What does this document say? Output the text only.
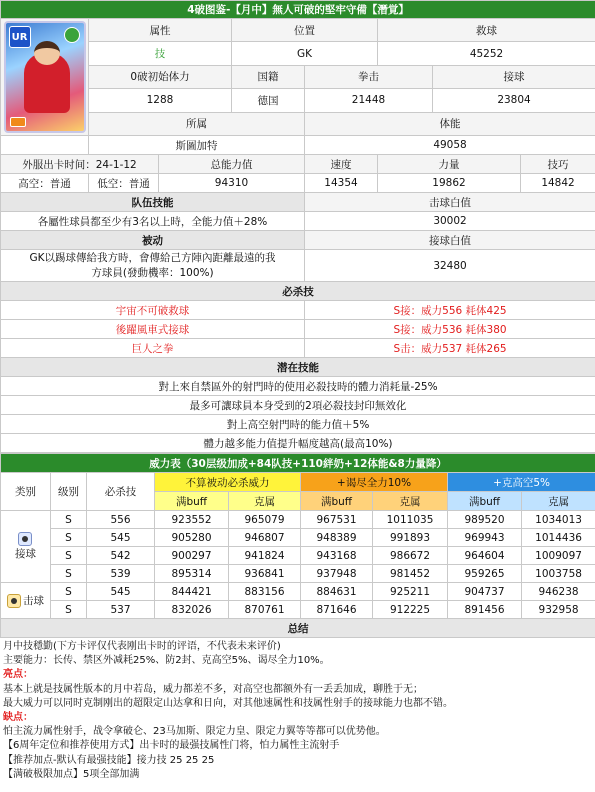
4破图鉴-【月中】無人可破的堅牢守備【潛覚】							

UR	属性		位置		救球		
	技		GK		45252		
	0破初始体力		国籍	拳击		接球	
	1288		德国	21448		23804	
	所属			体能			
	斯圖加特			49058			
外服出卡时间：24-1-12		总能力值		速度	力量		技巧
高空：普通	低空：普通	94310		14354	19862		14842
队伍技能				击球白值			
各屬性球員都至少有3名以上時，全能力值＋28%				30002			
被动				接球白值			

GK以踢球傳給我方時，會傳給己方陣內距離最遠的我
方球員(發動機率：100%)				32480			
必杀技							
宇宙不可破救球				S接：威力556 耗体425			
後躍風車式接球				S接：威力536 耗体380			
巨人之拳				S击：威力537 耗体265			
潜在技能							
對上來自禁區外的射門時的使用必殺技時的體力消耗量-25%							
最多可讓球員本身受到的2項必殺技封印無效化							
對上高空射門時的能力值＋5%							
體力越多能力值提升幅度越高(最高10%)							
威力表（30层级加成+84队技+110絆奶+12体能&8力量降）								
类别	级别	必杀技	不算被动必杀威力		+谒尽全力10%		+克高空5%	
			满buff	克属	满buff	克属	满buff	克属

接球	S	556	923552	965079	967531	1011035	989520	1034013
	S	545	905280	946807	948389	991893	969943	1014436
	S	542	900297	941824	943168	986672	964604	1009097
	S	539	895314	936841	937948	981452	959265	1003758
击球	S	545	844421	883156	884631	925211	904737	946238
	S	537	832026	870761	871646	912225	891456	932958
总结								
月中技穩勤(下方卡评仅代表刚出卡时的评语，不代表未来评价)
主要能力：长传、禁区外减耗25%、防2封、克高空5%、谒尽全力10%。
亮点：
基本上就是技属性版本的月中若岛，威力都差不多，对高空也都额外有一丢丢加成，聊胜于无；
最大威力可以同时克制刚出的超限定山达拿和日向，对其他速属性和技属性射手的接球能力也都不错。
缺点：
怕主流力属性射手，战令拿破仑、23马加斯、限定力皇、限定力翼等等都可以优势他。
【6周年定位和推荐使用方式】出卡时的最强技属性门将，怕力属性主流射手
【推荐加点-默认有最强技能】接力技 25 25 25
【满破极限加点】5项全部加满
